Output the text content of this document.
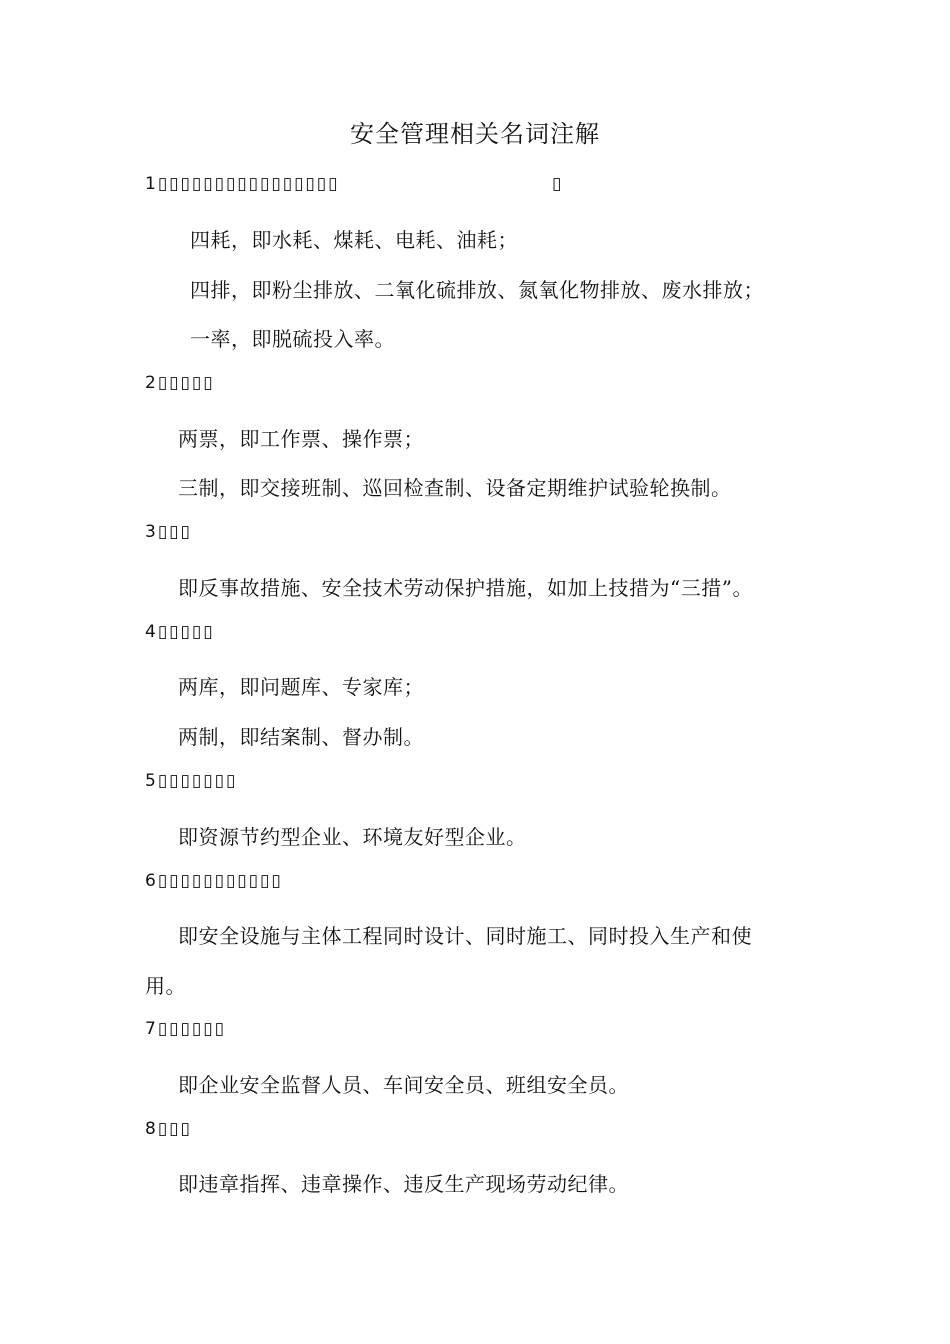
安全管理相关名词注解
1▯▯▯▯▯▯▯▯▯▯▯▯▯▯▯▯	▯
四耗，即水耗、煤耗、电耗、油耗；
四排，即粉尘排放、二氧化硫排放、氮氧化物排放、废水排放；
一率，即脱硫投入率。
2▯▯▯▯▯
两票，即工作票、操作票；
三制，即交接班制、巡回检查制、设备定期维护试验轮换制。
3▯▯▯
即反事故措施、安全技术劳动保护措施，如加上技措为“三措”。
4▯▯▯▯▯
两库，即问题库、专家库；
两制，即结案制、督办制。
5▯▯▯▯▯▯▯
即资源节约型企业、环境友好型企业。
6▯▯▯▯▯▯▯▯▯▯▯
即安全设施与主体工程同时设计、同时施工、同时投入生产和使
用。
7▯▯▯▯▯▯
即企业安全监督人员、车间安全员、班组安全员。
8▯▯▯
即违章指挥、违章操作、违反生产现场劳动纪律。
